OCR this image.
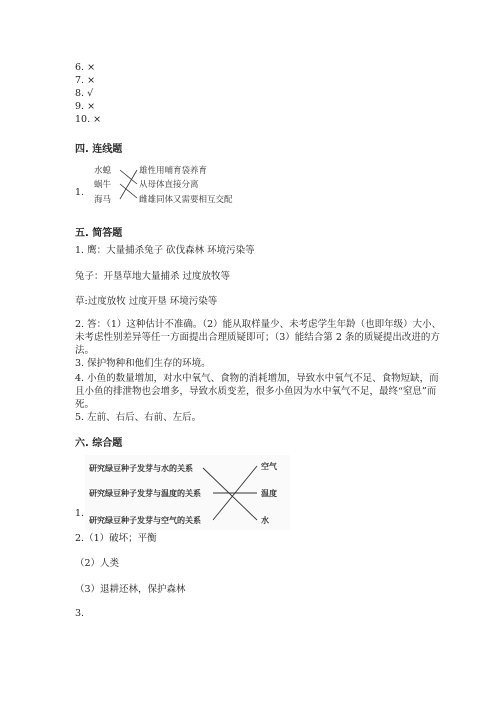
6. ×
7. ×
8. √
9. ×
10. ×
四. 连线题
1.
水螅
蜗牛
海马
雄性用哺育袋养育
从母体直接分离
雌雄同体又需要相互交配
五. 简答题
1. 鹰：大量捕杀兔子 砍伐森林 环境污染等
兔子：开垦草地大量捕杀 过度放牧等
草:过度放牧 过度开垦 环境污染等
2. 答：（1）这种估计不准确。（2）能从取样量少、未考虑学生年龄（也即年级）大小、未考虑性别差异等任一方面提出合理质疑即可；（3）能结合第 2 条的质疑提出改进的方法。
3. 保护物种和他们生存的环境。
4. 小鱼的数量增加，对水中氧气、食物的消耗增加，导致水中氧气不足、食物短缺，而且小鱼的排泄物也会增多，导致水质变差，很多小鱼因为水中氧气不足，最终“窒息”而死。
5. 左前、右后、右前、左后。
六. 综合题
1.
研究绿豆种子发芽与水的关系
研究绿豆种子发芽与温度的关系
研究绿豆种子发芽与空气的关系
空气
温度
水
2.（1）破坏；平衡
（2）人类
（3）退耕还林，保护森林
3.
